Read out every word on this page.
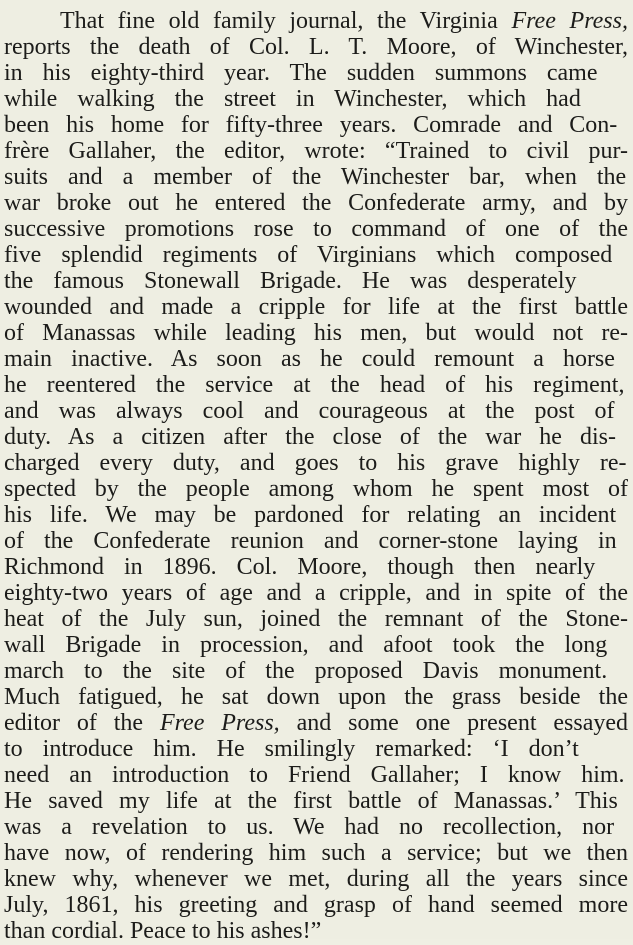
That fine old family journal, the Virginia Free Press,
reports the death of Col. L. T. Moore, of Winchester,
in his eighty-third year. The sudden summons came
while walking the street in Winchester, which had
been his home for fifty-three years. Comrade and Con-
frère Gallaher, the editor, wrote: “Trained to civil pur-
suits and a member of the Winchester bar, when the
war broke out he entered the Confederate army, and by
successive promotions rose to command of one of the
five splendid regiments of Virginians which composed
the famous Stonewall Brigade. He was desperately
wounded and made a cripple for life at the first battle
of Manassas while leading his men, but would not re-
main inactive. As soon as he could remount a horse
he reentered the service at the head of his regiment,
and was always cool and courageous at the post of
duty. As a citizen after the close of the war he dis-
charged every duty, and goes to his grave highly re-
spected by the people among whom he spent most of
his life. We may be pardoned for relating an incident
of the Confederate reunion and corner-stone laying in
Richmond in 1896. Col. Moore, though then nearly
eighty-two years of age and a cripple, and in spite of the
heat of the July sun, joined the remnant of the Stone-
wall Brigade in procession, and afoot took the long
march to the site of the proposed Davis monument.
Much fatigued, he sat down upon the grass beside the
editor of the Free Press, and some one present essayed
to introduce him. He smilingly remarked: ‘I don’t
need an introduction to Friend Gallaher; I know him.
He saved my life at the first battle of Manassas.’ This
was a revelation to us. We had no recollection, nor
have now, of rendering him such a service; but we then
knew why, whenever we met, during all the years since
July, 1861, his greeting and grasp of hand seemed more
than cordial. Peace to his ashes!”
